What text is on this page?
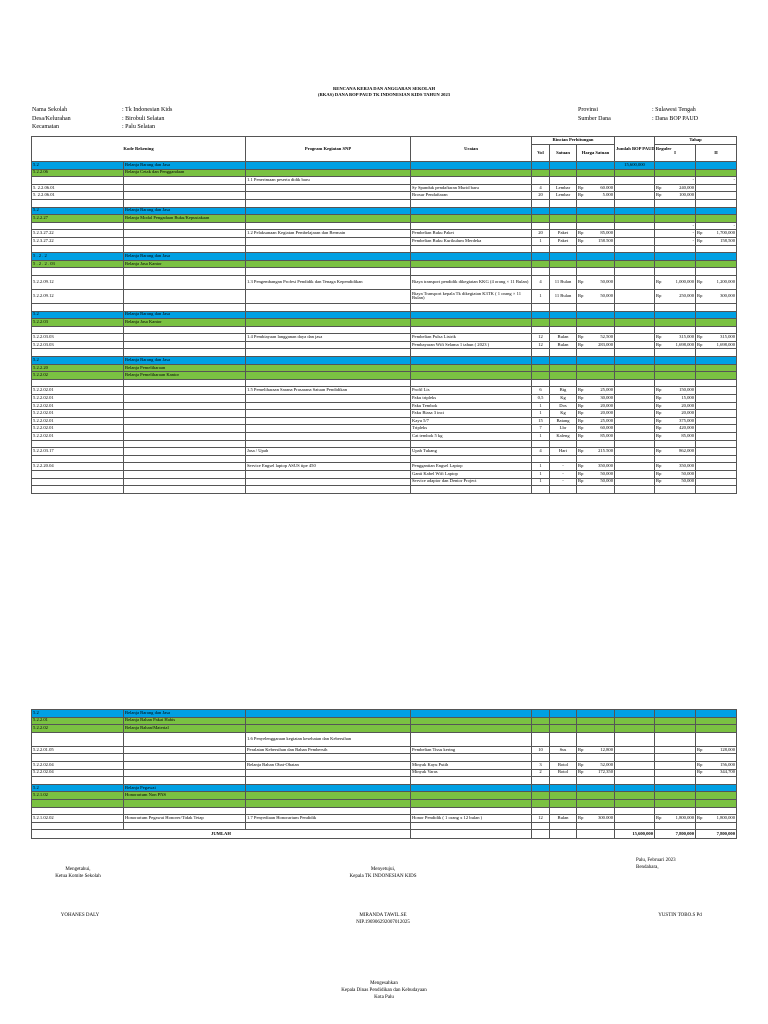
RENCANA KERJA DAN ANGGARAN SEKOLAH
(RKAS) DANA BOP PAUD TK INDONESIAN KIDS TAHUN 2023
Nama Sekolah	: Tk Indonesian Kids
Desa/Kelurahan	: Birobuli Selatan
Kecamatan	: Palu Selatan
Provinsi	: Sulawesi Tengah
Sumber Dana	: Dana BOP PAUD
Kode Rekening		Program Kegiatan SNP	Uraian	Rincian Perhitungan			Jumlah BOP PAUD Reguler	Tahap	
				Vol	Satuan	Harga Satuan		I	II

5.2	Belanja Barang dan Jasa						15,600,000		
5.2.2.06	Belanja Cetak dan Penggandaan								
		1.1 Penerimaan peserta didik baru						-	-

5. 2.2.06.01			Sy Spanduk pendaftaran Murid baru	4	Lembar	Rp 60.000		Rp 240,000	

5. 2.2.06.01			Brosur Pendaftaran	20	Lembar	Rp 5.000		Rp 100,000	

5.2	Belanja Barang dan Jasa								
5.2.2.27	Belanja Modal Pengadaan Buku/Kepustakaan								

								-	-

5.2.3.27.22		1.2 Pelaksanaan Kegiatan Pembelajaran dan Bermain	Pembelian Buku Paket	20	Paket	Rp 85,000		-	Rp 1,700,000

5.2.3.27.22			Pembelian Buku Kurikulum Merdeka	1	Paket	Rp 158.500		-	Rp 158,500

5 . 2 . 2	Belanja Barang dan Jasa								
5 . 2 . 2 . 03	Belanja Jasa Kantor								

5.2.2.09.12		1.3 Pengembangan Profesi Pendidik dan Tenaga Kependidikan	Biaya transport pendidik dikegiatan KKG (4 orang × 11 Bulan)	4	11 Bulan	Rp 50,000		Rp 1,000,000	Rp 1,200,000

5.2.2.09.12			Biaya Transport kepala Tk dikegiatan K3TK ( 1 orang × 11 Bulan)	1	11 Bulan	Rp 50,000		Rp 250,000	Rp 300,000

5.2	Belanja Barang dan Jasa								
5.2.2.03	Belanja Jasa Kantor								

5.2.2.03.03		1.4 Pembiayaan langganan daya dan jasa	Pembelian Pulsa Listrik	12	Bulan	Rp 52,500		Rp 315,000	Rp 315,000

5.2.2.03.03			Pembayaran Wifi Selama 1 tahun ( 2023 )	12	Bulan	Rp 283,000		Rp 1,698,000	Rp 1,698,000

5.2	Belanja Barang dan Jasa								
5.2.2.20	Belanja Pemeliharaan								
5.2.2.02	Belanja Pemeliharaan Kantor								

5.2.2.02.01		1.5 Pemeliharaan Sarana Prasarana Satuan Pendidikan	Profil Lis	6	Btg	Rp 25,000		Rp 150,000	

5.2.2.02.01			Paku tripleks	0,5	Kg	Rp 30,000		Rp 15,000	

5.2.2.02.01			Paku Tembok	1	Dos	Rp 20,000		Rp 20,000	

5.2.2.02.01			Paku Biasa 3 inci	1	Kg	Rp 20,000		Rp 20,000	

5.2.2.02.01			Kayu 5/7	15	Batang	Rp 25,000		Rp 375,000	

5.2.2.02.01			Tripleks	7	Lbr	Rp 60,000		Rp 420,000	

5.2.2.02.01			Cat tembok 5 kg	1	Kaleng	Rp 85,000		Rp 85,000	

5.2.2.03.17		Jasa / Upah	Upah Tukang	4	Hari	Rp 215.500		Rp 862,000	

5.2.2.20.04		Service Engsel laptop ASUS tipe 450	Penggantian Engsel Laptop	1	-	Rp 350,000		Rp 350,000	

			Ganti Kabel Wifi Laptop	1	-	Rp 50,000		Rp 50,000	

			Service adaptor dan Dentor Project	1	-	Rp 50,000		Rp 50,000	

5.2	Belanja Barang dan Jasa								
5.2.2.01	Belanja Bahan Pakai Habis								
5.2.2.02	Belanja Bahan/Material								
		1.6 Penyelenggaraan kegiatan kesehatan dan Kebersihan							
5.2.2.01.05		Peralatan Kebersihan dan Bahan Pembersih	Pembelian Tissu kering	10	Sus	Rp 12,800			Rp 128,000

5.2.2.02.04		Belanja Bahan Obat-Obatan	Minyak Kayu Putih	3	Botol	Rp 52,000			Rp 156,000

5.2.2.02.04			Minyak Varas	2	Botol	Rp 172,350			Rp 344,700

5.2	Belanja Pegawai								
5.2.1.02	Honorarium Non PNS								

5.2.1.02.02	Honorarium Pegawai Honorer/Tidak Tetap	1.7 Penyediaan Honorarium Pendidik	Honor Pendidik ( 1 orang x 12 bulan )	12	Bulan	Rp 300.000		Rp 1,800,000	Rp 1,800,000

JUMLAH							15,600,000	7,800,000	7,800,000
Palu, Februari 2023
Bendahara,
Mengetahui,
Ketua Komite Sekolah
Menyetujui,
Kepala TK INDONESIAN KIDS
YOHANES DALY	MIRANDA TAWIL.SE
NIP.196906292007012025
YUSTIN TOBO.S Pd
Mengesahkan
Kepala Dinas Pendidikan dan Kebudayaan
Kota Palu
